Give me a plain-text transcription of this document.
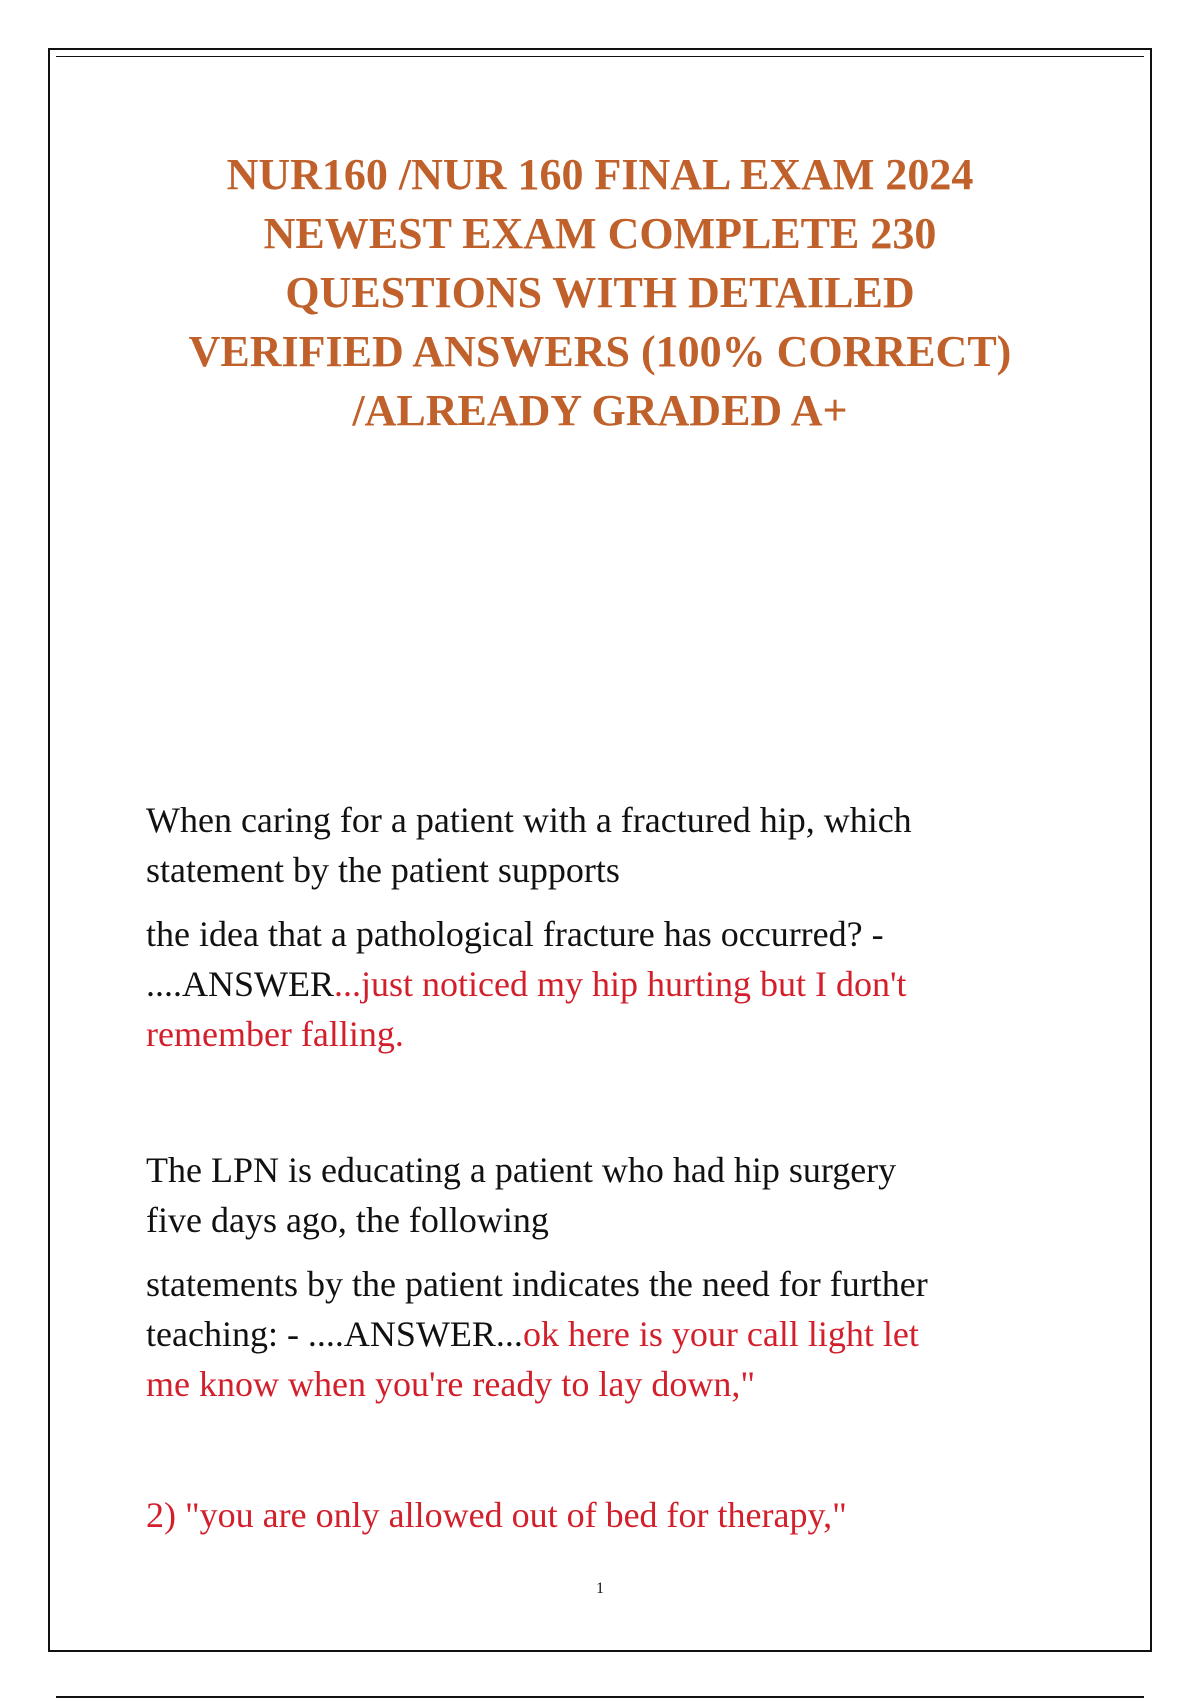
NUR160 /NUR 160 FINAL EXAM 2024
NEWEST EXAM COMPLETE 230
QUESTIONS WITH DETAILED
VERIFIED ANSWERS (100% CORRECT)
/ALREADY GRADED A+

When caring for a patient with a fractured hip, which
statement by the patient supports

the idea that a pathological fracture has occurred? -
....ANSWER...just noticed my hip hurting but I don't
remember falling.

The LPN is educating a patient who had hip surgery
five days ago, the following

statements by the patient indicates the need for further
teaching: - ....ANSWER...ok here is your call light let
me know when you're ready to lay down,"

2) "you are only allowed out of bed for therapy,"

1
